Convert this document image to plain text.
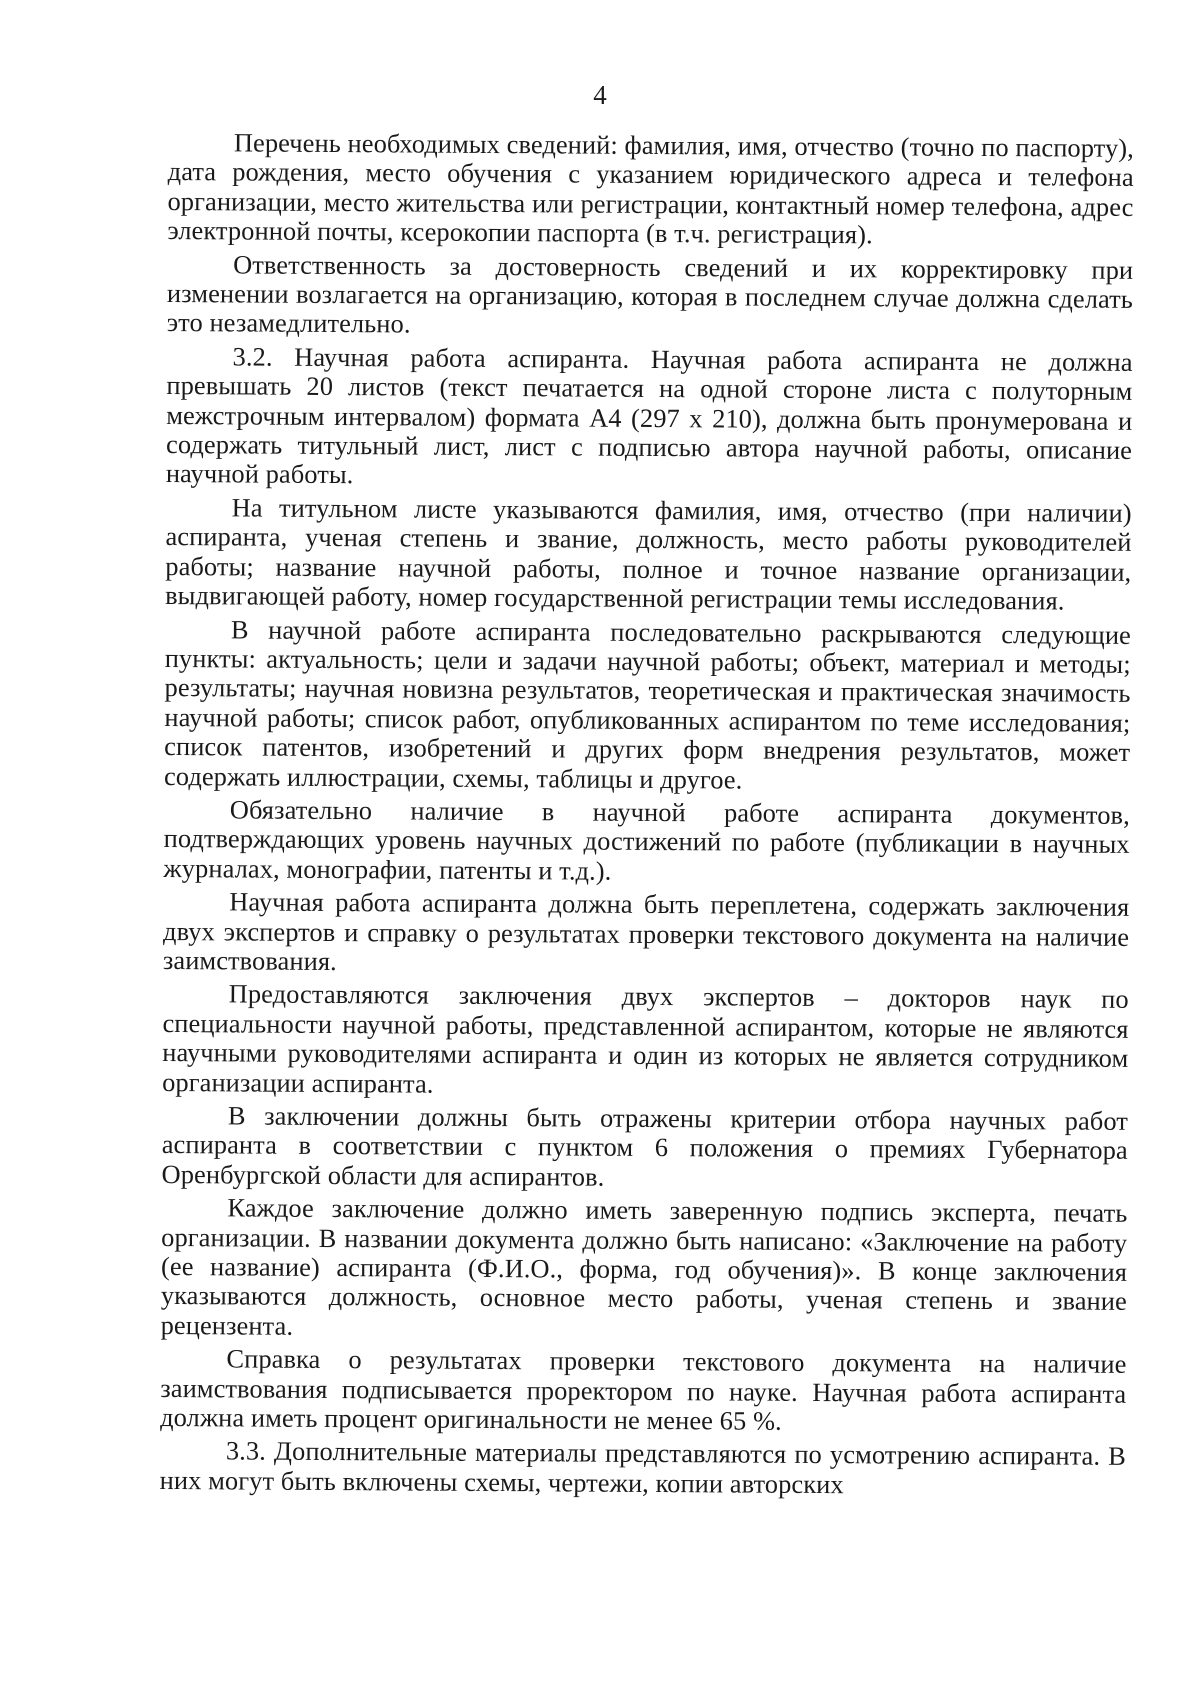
4

Перечень необходимых сведений: фамилия, имя, отчество (точно по паспорту), дата рождения, место обучения с указанием юридического адреса и телефона организации, место жительства или регистрации, контактный номер телефона, адрес электронной почты, ксерокопии паспорта (в т.ч. регистрация).

Ответственность за достоверность сведений и их корректировку при изменении возлагается на организацию, которая в последнем случае должна сделать это незамедлительно.

3.2. Научная работа аспиранта. Научная работа аспиранта не должна превышать 20 листов (текст печатается на одной стороне листа с полуторным межстрочным интервалом) формата А4 (297 х 210), должна быть пронумерована и содержать титульный лист, лист с подписью автора научной работы, описание научной работы.

На титульном листе указываются фамилия, имя, отчество (при наличии) аспиранта, ученая степень и звание, должность, место работы руководителей работы; название научной работы, полное и точное название организации, выдвигающей работу, номер государственной регистрации темы исследования.

В научной работе аспиранта последовательно раскрываются следующие пункты: актуальность; цели и задачи научной работы; объект, материал и методы; результаты; научная новизна результатов, теоретическая и практическая значимость научной работы; список работ, опубликованных аспирантом по теме исследования; список патентов, изобретений и других форм внедрения результатов, может содержать иллюстрации, схемы, таблицы и другое.

Обязательно наличие в научной работе аспиранта документов, подтверждающих уровень научных достижений по работе (публикации в научных журналах, монографии, патенты и т.д.).

Научная работа аспиранта должна быть переплетена, содержать заключения двух экспертов и справку о результатах проверки текстового документа на наличие заимствования.

Предоставляются заключения двух экспертов – докторов наук по специальности научной работы, представленной аспирантом, которые не являются научными руководителями аспиранта и один из которых не является сотрудником организации аспиранта.

В заключении должны быть отражены критерии отбора научных работ аспиранта в соответствии с пунктом 6 положения о премиях Губернатора Оренбургской области для аспирантов.

Каждое заключение должно иметь заверенную подпись эксперта, печать организации. В названии документа должно быть написано: «Заключение на работу (ее название) аспиранта (Ф.И.О., форма, год обучения)». В конце заключения указываются должность, основное место работы, ученая степень и звание рецензента.

Справка о результатах проверки текстового документа на наличие заимствования подписывается проректором по науке. Научная работа аспиранта должна иметь процент оригинальности не менее 65 %.

3.3. Дополнительные материалы представляются по усмотрению аспиранта. В них могут быть включены схемы, чертежи, копии авторских
